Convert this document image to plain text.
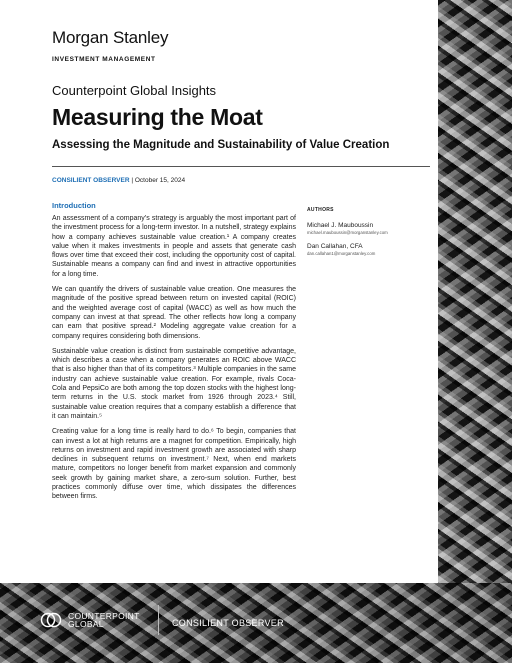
Morgan Stanley
INVESTMENT MANAGEMENT
Counterpoint Global Insights
Measuring the Moat
Assessing the Magnitude and Sustainability of Value Creation
CONSILIENT OBSERVER | October 15, 2024
Introduction

An assessment of a company’s strategy is arguably the most important part of the investment process for a long-term investor. In a nutshell, strategy explains how a company achieves sustainable value creation.¹ A company creates value when it makes investments in people and assets that generate cash flows over time that exceed their cost, including the opportunity cost of capital. Sustainable means a company can find and invest in attractive opportunities for a long time.

We can quantify the drivers of sustainable value creation. One measures the magnitude of the positive spread between return on invested capital (ROIC) and the weighted average cost of capital (WACC) as well as how much the company can invest at that spread. The other reflects how long a company can earn that positive spread.² Modeling aggregate value creation for a company requires considering both dimensions.

Sustainable value creation is distinct from sustainable competitive advantage, which describes a case when a company generates an ROIC above WACC that is also higher than that of its competitors.³ Multiple companies in the same industry can achieve sustainable value creation. For example, rivals Coca-Cola and PepsiCo are both among the top dozen stocks with the highest long-term returns in the U.S. stock market from 1926 through 2023.⁴ Still, sustainable value creation requires that a company establish a difference that it can maintain.⁵

Creating value for a long time is really hard to do.⁶ To begin, companies that can invest a lot at high returns are a magnet for competition. Empirically, high returns on investment and rapid investment growth are associated with sharp declines in subsequent returns on investment.⁷ Next, when end markets mature, competitors no longer benefit from market expansion and commonly seek growth by gaining market share, a zero-sum solution. Further, best practices commonly diffuse over time, which dissipates the differences between firms.

AUTHORS
Michael J. Mauboussin
michael.mauboussin@morganstanley.com
Dan Callahan, CFA
dan.callahan1@morganstanley.com
COUNTERPOINT
GLOBAL	CONSILIENT OBSERVER
